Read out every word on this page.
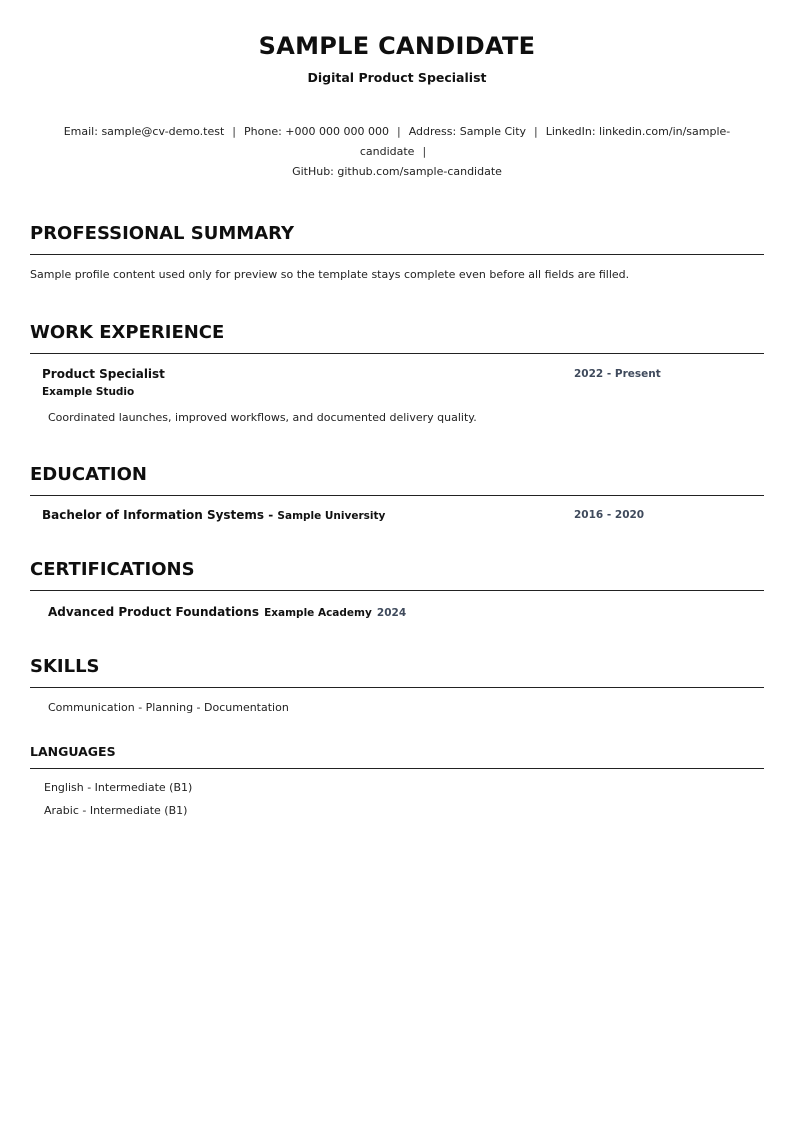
SAMPLE CANDIDATE
Digital Product Specialist
Email: sample@cv-demo.test | Phone: +000 000 000 000 | Address: Sample City | LinkedIn: linkedin.com/in/sample-candidate |
GitHub: github.com/sample-candidate
PROFESSIONAL SUMMARY
Sample profile content used only for preview so the template stays complete even before all fields are filled.
WORK EXPERIENCE
Product Specialist	2022 - Present
Example Studio
Coordinated launches, improved workflows, and documented delivery quality.
EDUCATION
Bachelor of Information Systems - Sample University	2016 - 2020
CERTIFICATIONS
Advanced Product Foundations Example Academy 2024
SKILLS
Communication - Planning - Documentation
LANGUAGES
English - Intermediate (B1)
Arabic - Intermediate (B1)
